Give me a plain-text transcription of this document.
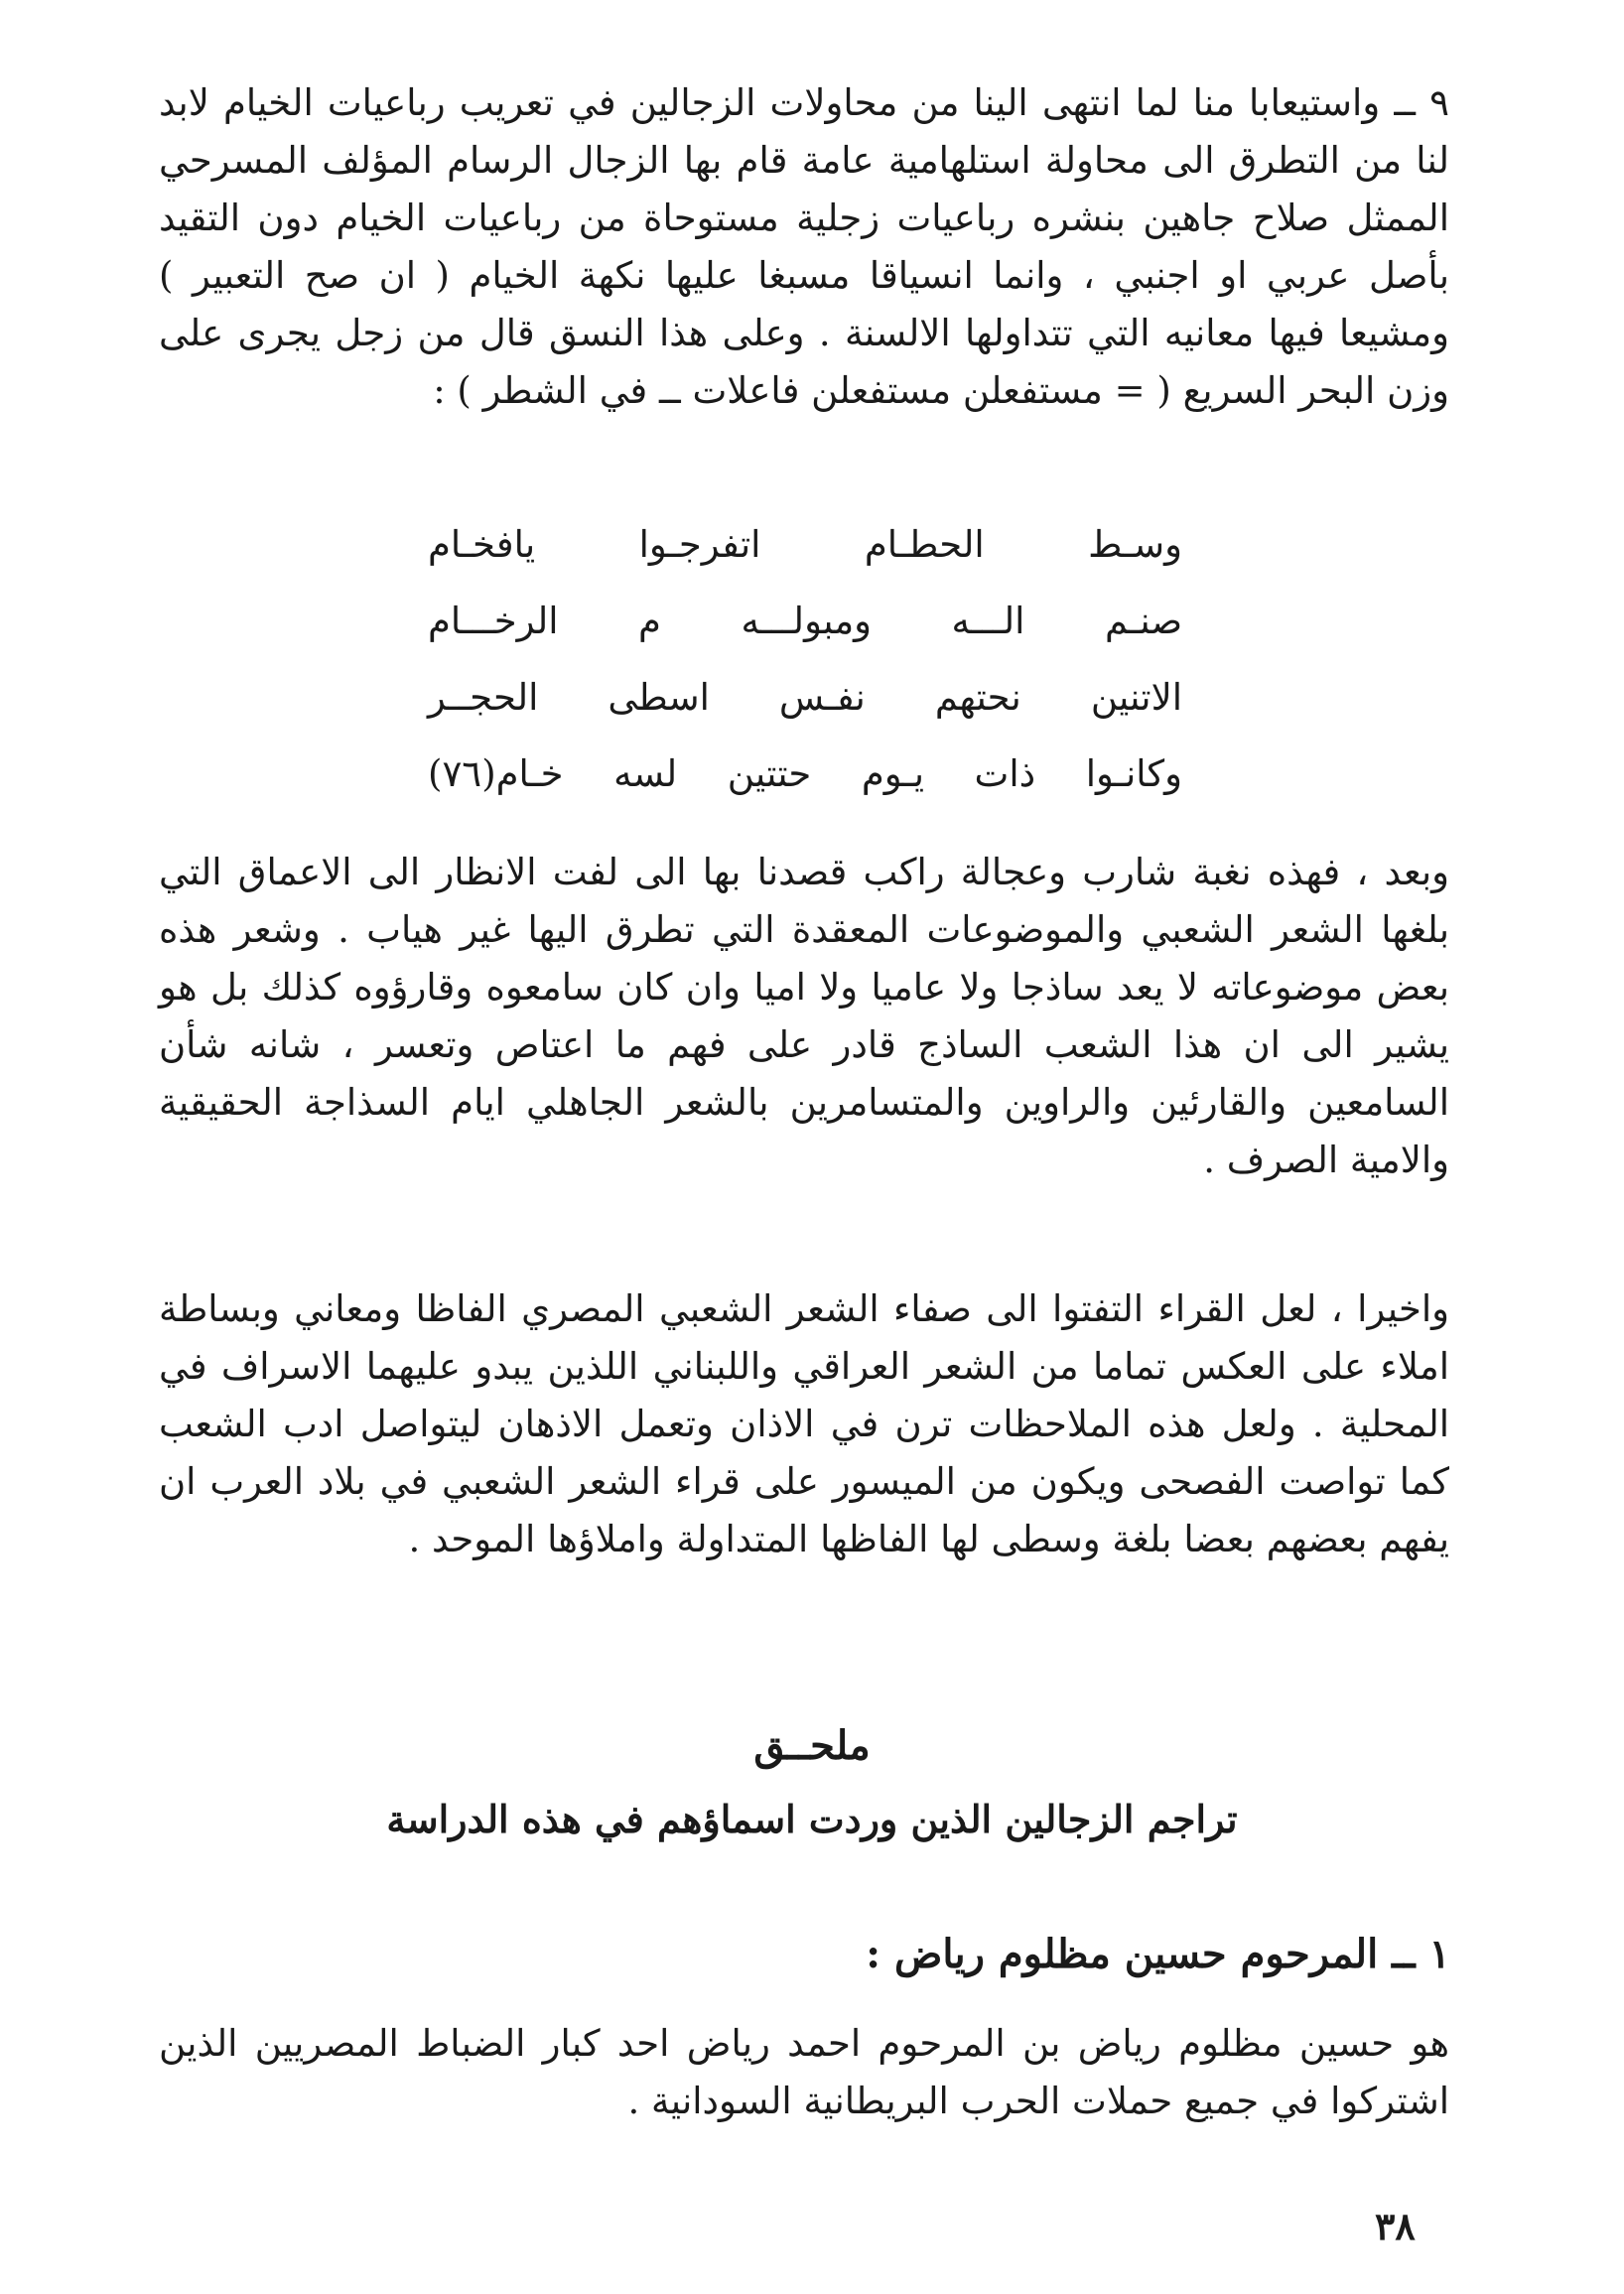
٩ ــ واستيعابا منا لما انتهى الينا من محاولات الزجالين في تعريب رباعيات الخيام لابد لنا من التطرق الى محاولة استلهامية عامة قام بها الزجال الرسام المؤلف المسرحي الممثل صلاح جاهين بنشره رباعيات زجلية مستوحاة من رباعيات الخيام دون التقيد بأصل عربي او اجنبي ، وانما انسياقا مسبغا عليها نكهة الخيام ( ان صح التعبير ) ومشيعا فيها معانيه التي تتداولها الالسنة . وعلى هذا النسق قال من زجل يجرى على وزن البحر السريع ( = مستفعلن مستفعلن فاعلات ــ في الشطر ) :

وسـط الحطـام اتفرجـوا يافخـام
صنـم الـــه ومبولـــه م الرخـــام
الاتنين نحتهم نفـس اسطى الحجــر
وكانـوا ذات يـوم حتتين لسه خـام(٧٦)

وبعد ، فهذه نغبة شارب وعجالة راكب قصدنا بها الى لفت الانظار الى الاعماق التي بلغها الشعر الشعبي والموضوعات المعقدة التي تطرق اليها غير هياب . وشعر هذه بعض موضوعاته لا يعد ساذجا ولا عاميا ولا اميا وان كان سامعوه وقارؤوه كذلك بل هو يشير الى ان هذا الشعب الساذج قادر على فهم ما اعتاص وتعسر ، شانه شأن السامعين والقارئين والراوين والمتسامرين بالشعر الجاهلي ايام السذاجة الحقيقية والامية الصرف .

واخيرا ، لعل القراء التفتوا الى صفاء الشعر الشعبي المصري الفاظا ومعاني وبساطة املاء على العكس تماما من الشعر العراقي واللبناني اللذين يبدو عليهما الاسراف في المحلية . ولعل هذه الملاحظات ترن في الاذان وتعمل الاذهان ليتواصل ادب الشعب كما تواصت الفصحى ويكون من الميسور على قراء الشعر الشعبي في بلاد العرب ان يفهم بعضهم بعضا بلغة وسطى لها الفاظها المتداولة واملاؤها الموحد .

ملحــق
تراجم الزجالين الذين وردت اسماؤهم في هذه الدراسة
١ ــ المرحوم حسين مظلوم رياض :

هو حسين مظلوم رياض بن المرحوم احمد رياض احد كبار الضباط المصريين الذين اشتركوا في جميع حملات الحرب البريطانية السودانية .

٣٨
